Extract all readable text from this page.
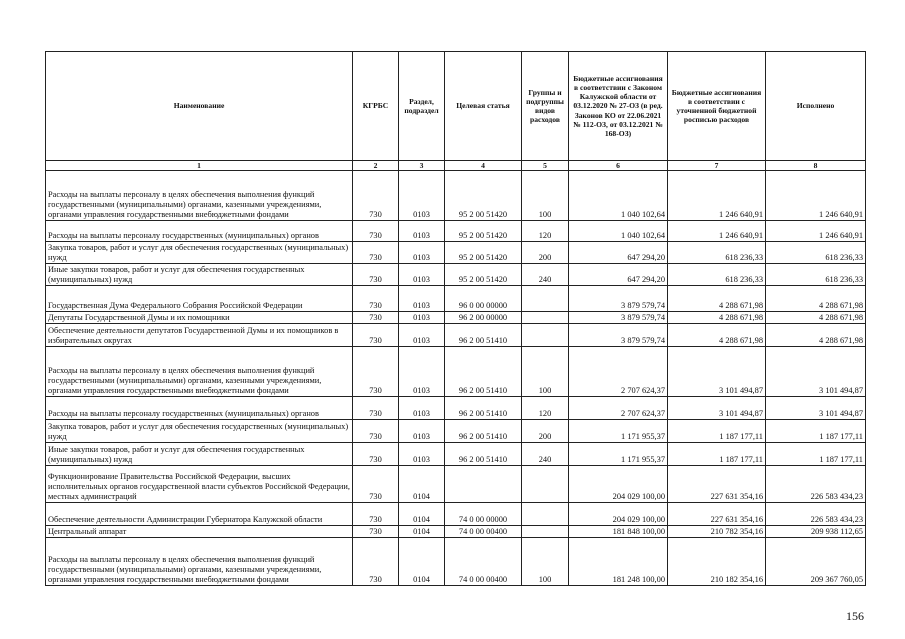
Наименование	КГРБС	Раздел, подраздел	Целевая статья	Группы и подгруппы видов расходов	Бюджетные ассигнования в соответствии с Законом Калужской области от 03.12.2020 № 27-ОЗ (в ред. Законов КО от 22.06.2021 № 112-ОЗ, от 03.12.2021 № 168-ОЗ)	Бюджетные ассигнования в соответствии с уточненной бюджетной росписью расходов	Исполнено
1	2	3	4	5	6	7	8
Расходы на выплаты персоналу в целях обеспечения выполнения функций государственными (муниципальными) органами, казенными учреждениями, органами управления государственными внебюджетными фондами	730	0103	95 2 00 51420	100	1 040 102,64	1 246 640,91	1 246 640,91
Расходы на выплаты персоналу государственных (муниципальных) органов	730	0103	95 2 00 51420	120	1 040 102,64	1 246 640,91	1 246 640,91
Закупка товаров, работ и услуг для обеспечения государственных (муниципальных) нужд	730	0103	95 2 00 51420	200	647 294,20	618 236,33	618 236,33
Иные закупки товаров, работ и услуг для обеспечения государственных (муниципальных) нужд	730	0103	95 2 00 51420	240	647 294,20	618 236,33	618 236,33
Государственная Дума Федерального Собрания Российской Федерации	730	0103	96 0 00 00000		3 879 579,74	4 288 671,98	4 288 671,98
Депутаты Государственной Думы и их помощники	730	0103	96 2 00 00000		3 879 579,74	4 288 671,98	4 288 671,98
Обеспечение деятельности депутатов Государственной Думы и их помощников в избирательных округах	730	0103	96 2 00 51410		3 879 579,74	4 288 671,98	4 288 671,98
Расходы на выплаты персоналу в целях обеспечения выполнения функций государственными (муниципальными) органами, казенными учреждениями, органами управления государственными внебюджетными фондами	730	0103	96 2 00 51410	100	2 707 624,37	3 101 494,87	3 101 494,87
Расходы на выплаты персоналу государственных (муниципальных) органов	730	0103	96 2 00 51410	120	2 707 624,37	3 101 494,87	3 101 494,87
Закупка товаров, работ и услуг для обеспечения государственных (муниципальных) нужд	730	0103	96 2 00 51410	200	1 171 955,37	1 187 177,11	1 187 177,11
Иные закупки товаров, работ и услуг для обеспечения государственных (муниципальных) нужд	730	0103	96 2 00 51410	240	1 171 955,37	1 187 177,11	1 187 177,11
Функционирование Правительства Российской Федерации, высших исполнительных органов государственной власти субъектов Российской Федерации, местных администраций	730	0104			204 029 100,00	227 631 354,16	226 583 434,23
Обеспечение деятельности Администрации Губернатора Калужской области	730	0104	74 0 00 00000		204 029 100,00	227 631 354,16	226 583 434,23
Центральный аппарат	730	0104	74 0 00 00400		181 848 100,00	210 782 354,16	209 938 112,65
Расходы на выплаты персоналу в целях обеспечения выполнения функций государственными (муниципальными) органами, казенными учреждениями, органами управления государственными внебюджетными фондами	730	0104	74 0 00 00400	100	181 248 100,00	210 182 354,16	209 367 760,05
156
